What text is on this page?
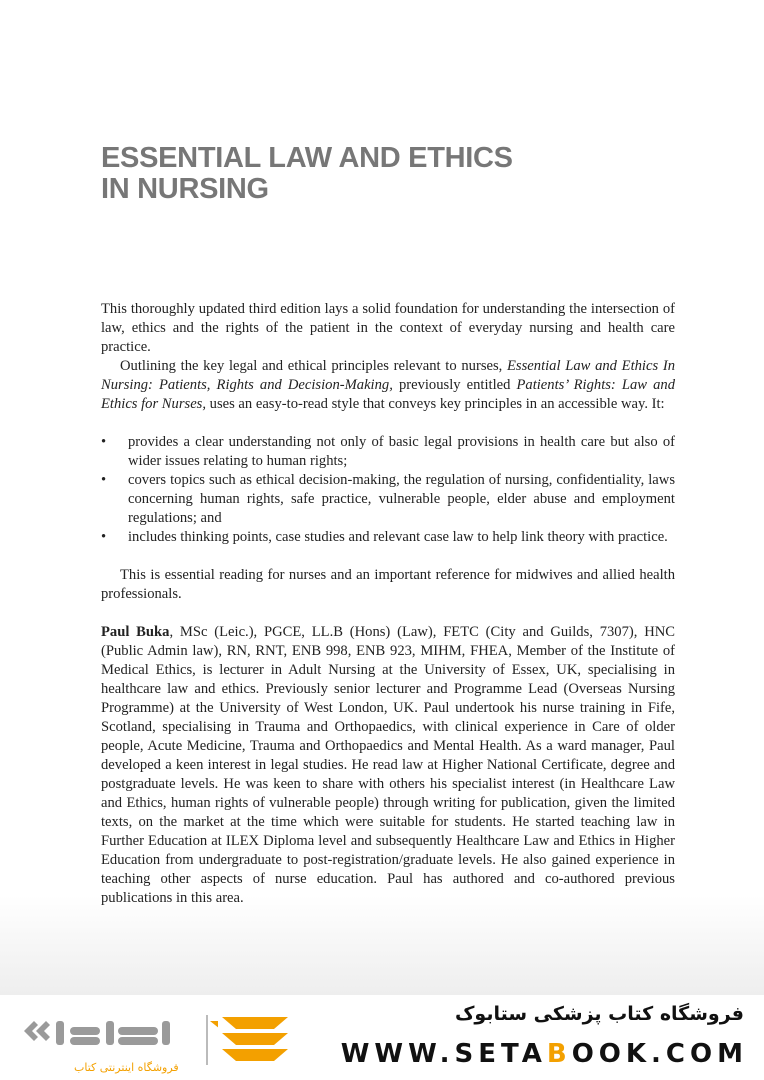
ESSENTIAL LAW AND ETHICS
IN NURSING

This thoroughly updated third edition lays a solid foundation for understanding the intersection of law, ethics and the rights of the patient in the context of everyday nursing and health care practice.

Outlining the key legal and ethical principles relevant to nurses, Essential Law and Ethics In Nursing: Patients, Rights and Decision-Making, previously entitled Patients’ Rights: Law and Ethics for Nurses, uses an easy-to-read style that conveys key principles in an accessible way. It:

• provides a clear understanding not only of basic legal provisions in health care but also of wider issues relating to human rights;
• covers topics such as ethical decision-making, the regulation of nursing, confidentiality, laws concerning human rights, safe practice, vulnerable people, elder abuse and employment regulations; and
• includes thinking points, case studies and relevant case law to help link theory with practice.

This is essential reading for nurses and an important reference for midwives and allied health professionals.

Paul Buka, MSc (Leic.), PGCE, LL.B (Hons) (Law), FETC (City and Guilds, 7307), HNC (Public Admin law), RN, RNT, ENB 998, ENB 923, MIHM, FHEA, Member of the Institute of Medical Ethics, is lecturer in Adult Nursing at the University of Essex, UK, specialising in healthcare law and ethics. Previously senior lecturer and Programme Lead (Overseas Nursing Programme) at the University of West London, UK. Paul undertook his nurse training in Fife, Scotland, specialising in Trauma and Orthopaedics, with clinical experience in Care of older people, Acute Medicine, Trauma and Orthopaedics and Mental Health. As a ward manager, Paul developed a keen interest in legal studies. He read law at Higher National Certificate, degree and postgraduate levels. He was keen to share with others his specialist interest (in Healthcare Law and Ethics, human rights of vulnerable people) through writing for publication, given the limited texts, on the market at the time which were suitable for students. He started teaching law in Further Education at ILEX Diploma level and subsequently Healthcare Law and Ethics in Higher Education from undergraduate to post-registration/graduate levels. He also gained experience in teaching other aspects of nurse education. Paul has authored and co-authored previous publications in this area.

فروشگاه اینترنتی کتاب
فروشگاه کتاب پزشکی ستابوک
WWW.SETABOOK.COM
